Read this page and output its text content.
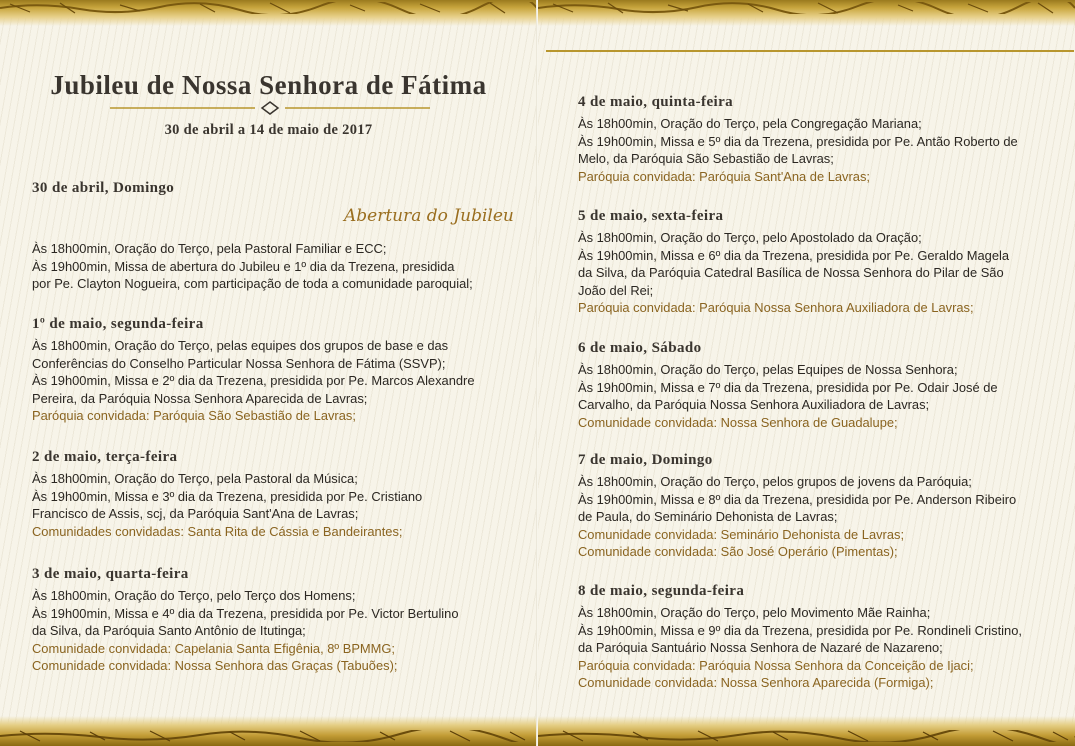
Jubileu de Nossa Senhora de Fátima
30 de abril a 14 de maio de 2017
30 de abril, Domingo
Abertura do Jubileu
Às 18h00min, Oração do Terço, pela Pastoral Familiar e ECC;
Às 19h00min, Missa de abertura do Jubileu e 1º dia da Trezena, presidida
por Pe. Clayton Nogueira, com participação de toda a comunidade paroquial;
1º de maio, segunda-feira
Às 18h00min, Oração do Terço, pelas equipes dos grupos de base e das
Conferências do Conselho Particular Nossa Senhora de Fátima (SSVP);
Às 19h00min, Missa e 2º dia da Trezena, presidida por Pe. Marcos Alexandre
Pereira, da Paróquia Nossa Senhora Aparecida de Lavras;
Paróquia convidada: Paróquia São Sebastião de Lavras;
2 de maio, terça-feira
Às 18h00min, Oração do Terço, pela Pastoral da Música;
Às 19h00min, Missa e 3º dia da Trezena, presidida por Pe. Cristiano
Francisco de Assis, scj, da Paróquia Sant'Ana de Lavras;
Comunidades convidadas: Santa Rita de Cássia e Bandeirantes;
3 de maio, quarta-feira
Às 18h00min, Oração do Terço, pelo Terço dos Homens;
Às 19h00min, Missa e 4º dia da Trezena, presidida por Pe. Victor Bertulino
da Silva, da Paróquia Santo Antônio de Itutinga;
Comunidade convidada: Capelania Santa Efigênia, 8º BPMMG;
Comunidade convidada: Nossa Senhora das Graças (Tabuões);
4 de maio, quinta-feira
Às 18h00min, Oração do Terço, pela Congregação Mariana;
Às 19h00min, Missa e 5º dia da Trezena, presidida por Pe. Antão Roberto de
Melo, da Paróquia São Sebastião de Lavras;
Paróquia convidada: Paróquia Sant'Ana de Lavras;
5 de maio, sexta-feira
Às 18h00min, Oração do Terço, pelo Apostolado da Oração;
Às 19h00min, Missa e 6º dia da Trezena, presidida por Pe. Geraldo Magela
da Silva, da Paróquia Catedral Basílica de Nossa Senhora do Pilar de São
João del Rei;
Paróquia convidada: Paróquia Nossa Senhora Auxiliadora de Lavras;
6 de maio, Sábado
Às 18h00min, Oração do Terço, pelas Equipes de Nossa Senhora;
Às 19h00min, Missa e 7º dia da Trezena, presidida por Pe. Odair José de
Carvalho, da Paróquia Nossa Senhora Auxiliadora de Lavras;
Comunidade convidada: Nossa Senhora de Guadalupe;
7 de maio, Domingo
Às 18h00min, Oração do Terço, pelos grupos de jovens da Paróquia;
Às 19h00min, Missa e 8º dia da Trezena, presidida por Pe. Anderson Ribeiro
de Paula, do Seminário Dehonista de Lavras;
Comunidade convidada: Seminário Dehonista de Lavras;
Comunidade convidada: São José Operário (Pimentas);
8 de maio, segunda-feira
Às 18h00min, Oração do Terço, pelo Movimento Mãe Rainha;
Às 19h00min, Missa e 9º dia da Trezena, presidida por Pe. Rondineli Cristino,
da Paróquia Santuário Nossa Senhora de Nazaré de Nazareno;
Paróquia convidada: Paróquia Nossa Senhora da Conceição de Ijaci;
Comunidade convidada: Nossa Senhora Aparecida (Formiga);
